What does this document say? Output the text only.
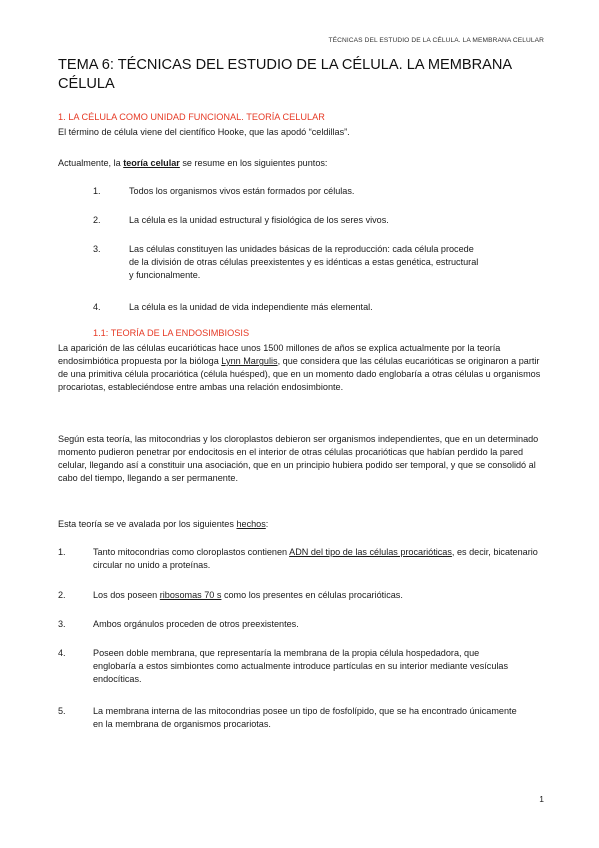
TÉCNICAS DEL ESTUDIO DE LA CÉLULA. LA MEMBRANA CELULAR
TEMA 6: TÉCNICAS DEL ESTUDIO DE LA CÉLULA. LA MEMBRANA CÉLULA
1. LA CÉLULA COMO UNIDAD FUNCIONAL. TEORÍA CELULAR
El término de célula viene del científico Hooke, que las apodó “celdillas”.
Actualmente, la teoría celular se resume en los siguientes puntos:
1.	Todos los organismos vivos están formados por células.
2.	La célula es la unidad estructural y fisiológica de los seres vivos.
3.	Las células constituyen las unidades básicas de la reproducción: cada célula procede de la división de otras células preexistentes y es idénticas a estas genética, estructural y funcionalmente.
4.	La célula es la unidad de vida independiente más elemental.
1.1: TEORÍA DE LA ENDOSIMBIOSIS
La aparición de las células eucarióticas hace unos 1500 millones de años se explica actualmente por la teoría endosimbiótica propuesta por la bióloga Lynn Margulis, que considera que las células eucarióticas se originaron a partir de una primitiva célula procariótica (célula huésped), que en un momento dado englobaría a otras células u organismos procariotas, estableciéndose entre ambas una relación endosimbionte.
Según esta teoría, las mitocondrias y los cloroplastos debieron ser organismos independientes, que en un determinado momento pudieron penetrar por endocitosis en el interior de otras células procarióticas que habían perdido la pared celular, llegando así a constituir una asociación, que en un principio hubiera podido ser temporal, y que se consolidó al cabo del tiempo, llegando a ser permanente.
Esta teoría se ve avalada por los siguientes hechos:
1.	Tanto mitocondrias como cloroplastos contienen ADN del tipo de las células procarióticas, es decir, bicatenario circular no unido a proteínas.
2.	Los dos poseen ribosomas 70 s como los presentes en células procarióticas.
3.	Ambos orgánulos proceden de otros preexistentes.
4.	Poseen doble membrana, que representaría la membrana de la propia célula hospedadora, que englobaría a estos simbiontes como actualmente introduce partículas en su interior mediante vesículas endocíticas.
5.	La membrana interna de las mitocondrias posee un tipo de fosfolípido, que se ha encontrado únicamente en la membrana de organismos procariotas.
1
